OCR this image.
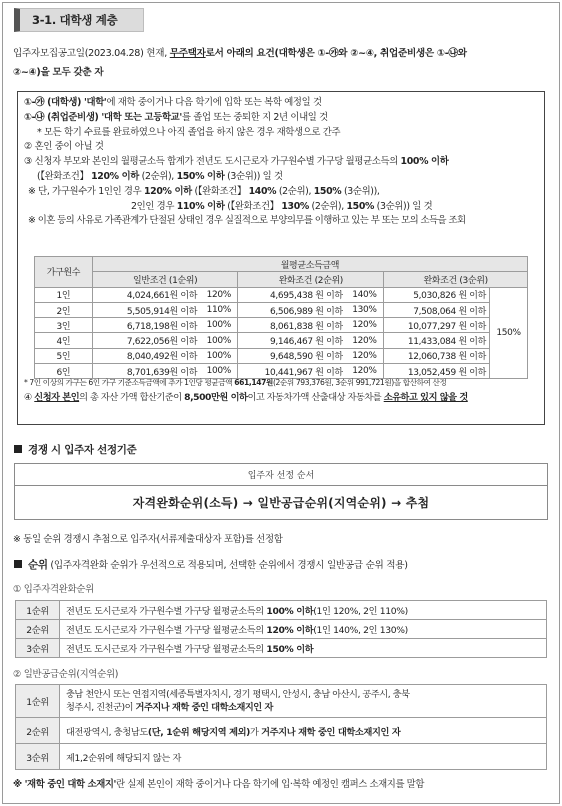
3-1. 대학생 계층
입주자모집공고일(2023.04.28) 현재, 무주택자로서 아래의 요건(대학생은 ①-㉮와 ②~④, 취업준비생은 ①-㉯와
②~④)을 모두 갖춘 자
①-㉮ (대학생) '대학'에 재학 중이거나 다음 학기에 입학 또는 복학 예정일 것
①-㉯ (취업준비생) '대학 또는 고등학교'를 졸업 또는 중퇴한 지 2년 이내일 것
* 모든 학기 수료를 완료하였으나 아직 졸업을 하지 않은 경우 재학생으로 간주
② 혼인 중이 아닐 것
③ 신청자 부모와 본인의 월평균소득 합계가 전년도 도시근로자 가구원수별 가구당 월평균소득의 100% 이하
(【완화조건】 120% 이하 (2순위), 150% 이하 (3순위)) 일 것
※ 단, 가구원수가 1인인 경우 120% 이하 (【완화조건】 140% (2순위), 150% (3순위)),
2인인 경우 110% 이하 (【완화조건】 130% (2순위), 150% (3순위)) 일 것
※ 이혼 등의 사유로 가족관계가 단절된 상태인 경우 실질적으로 부양의무를 이행하고 있는 부 또는 모의 소득을 조회
가구원수	월평균소득금액					
	일반조건 (1순위)		완화조건 (2순위)		완화조건 (3순위)	
1인	4,024,661원 이하	120%	4,695,438 원 이하	140%	5,030,826 원 이하	150%
2인	5,505,914원 이하	110%	6,506,989 원 이하	130%	7,508,064 원 이하	
3인	6,718,198원 이하	100%	8,061,838 원 이하	120%	10,077,297 원 이하	
4인	7,622,056원 이하	100%	9,146,467 원 이하	120%	11,433,084 원 이하	
5인	8,040,492원 이하	100%	9,648,590 원 이하	120%	12,060,738 원 이하	
6인	8,701,639원 이하	100%	10,441,967 원 이하	120%	13,052,459 원 이하	
* 7인 이상의 가구는 6인 가구 기준소득금액에 추가 1인당 평균금액 661,147원(2순위 793,376원, 3순위 991,721원)을 합산하여 산정
④ 신청자 본인의 총 자산 가액 합산기준이 8,500만원 이하이고 자동차가액 산출대상 자동차를 소유하고 있지 않을 것
경쟁 시 입주자 선정기준
입주자 선정 순서
자격완화순위(소득) → 일반공급순위(지역순위) → 추첨
※ 동일 순위 경쟁시 추첨으로 입주자(서류제출대상자 포함)를 선정함
순위 (입주자격완화 순위가 우선적으로 적용되며, 선택한 순위에서 경쟁시 일반공급 순위 적용)
① 입주자격완화순위
1순위	전년도 도시근로자 가구원수별 가구당 월평균소득의 100% 이하(1인 120%, 2인 110%)
2순위	전년도 도시근로자 가구원수별 가구당 월평균소득의 120% 이하(1인 140%, 2인 130%)
3순위	전년도 도시근로자 가구원수별 가구당 월평균소득의 150% 이하
② 일반공급순위(지역순위)
1순위	충남 천안시 또는 연접지역(세종특별자치시, 경기 평택시, 안성시, 충남 아산시, 공주시, 충북
청주시, 진천군)이 거주지나 재학 중인 대학소재지인 자

2순위	대전광역시, 충청남도(단, 1순위 해당지역 제외)가 거주지나 재학 중인 대학소재지인 자
3순위	제1,2순위에 해당되지 않는 자
※ '재학 중인 대학 소재지'란 실제 본인이 재학 중이거나 다음 학기에 입·복학 예정인 캠퍼스 소재지를 말함
